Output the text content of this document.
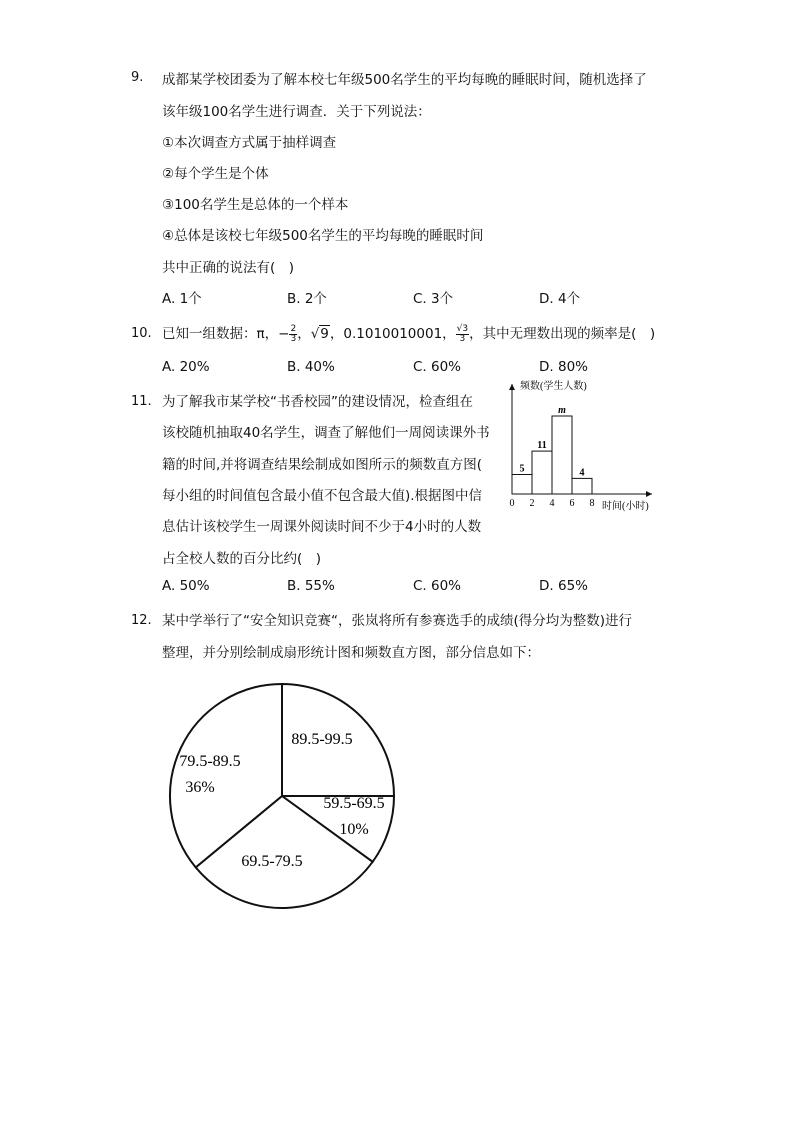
9. 成都某学校团委为了解本校七年级500名学生的平均每晚的睡眠时间，随机选择了
该年级100名学生进行调查．关于下列说法：
①本次调查方式属于抽样调查
②每个学生是个体
③100名学生是总体的一个样本
④总体是该校七年级500名学生的平均每晚的睡眠时间
共中正确的说法有(　)
A. 1个	B. 2个	C. 3个	D. 4个
10. 已知一组数据：π，− $\frac{2}{3}$ ，√9，0.1010010001， $\frac{√3}{3}$ ，其中无理数出现的频率是(　)
A. 20%	B. 40%	C. 60%	D. 80%
11. 为了解我市某学校“书香校园”的建设情况，检查组在
该校随机抽取40名学生，调查了解他们一周阅读课外书
籍的时间,并将调查结果绘制成如图所示的频数直方图(
每小组的时间值包含最小值不包含最大值).根据图中信
息估计该校学生一周课外阅读时间不少于4小时的人数
占全校人数的百分比约(　)
A. 50%	B. 55%	C. 60%	D. 65%
频数(学生人数)
时间(小时)
5
11
m
4
0 2 4 6 8
12. 某中学举行了“安全知识竞赛“，张岚将所有参赛选手的成绩(得分均为整数)进行
整理，并分别绘制成扇形统计图和频数直方图，部分信息如下：
89.5-99.5
59.5-69.5
10%
69.5-79.5
79.5-89.5
36%
